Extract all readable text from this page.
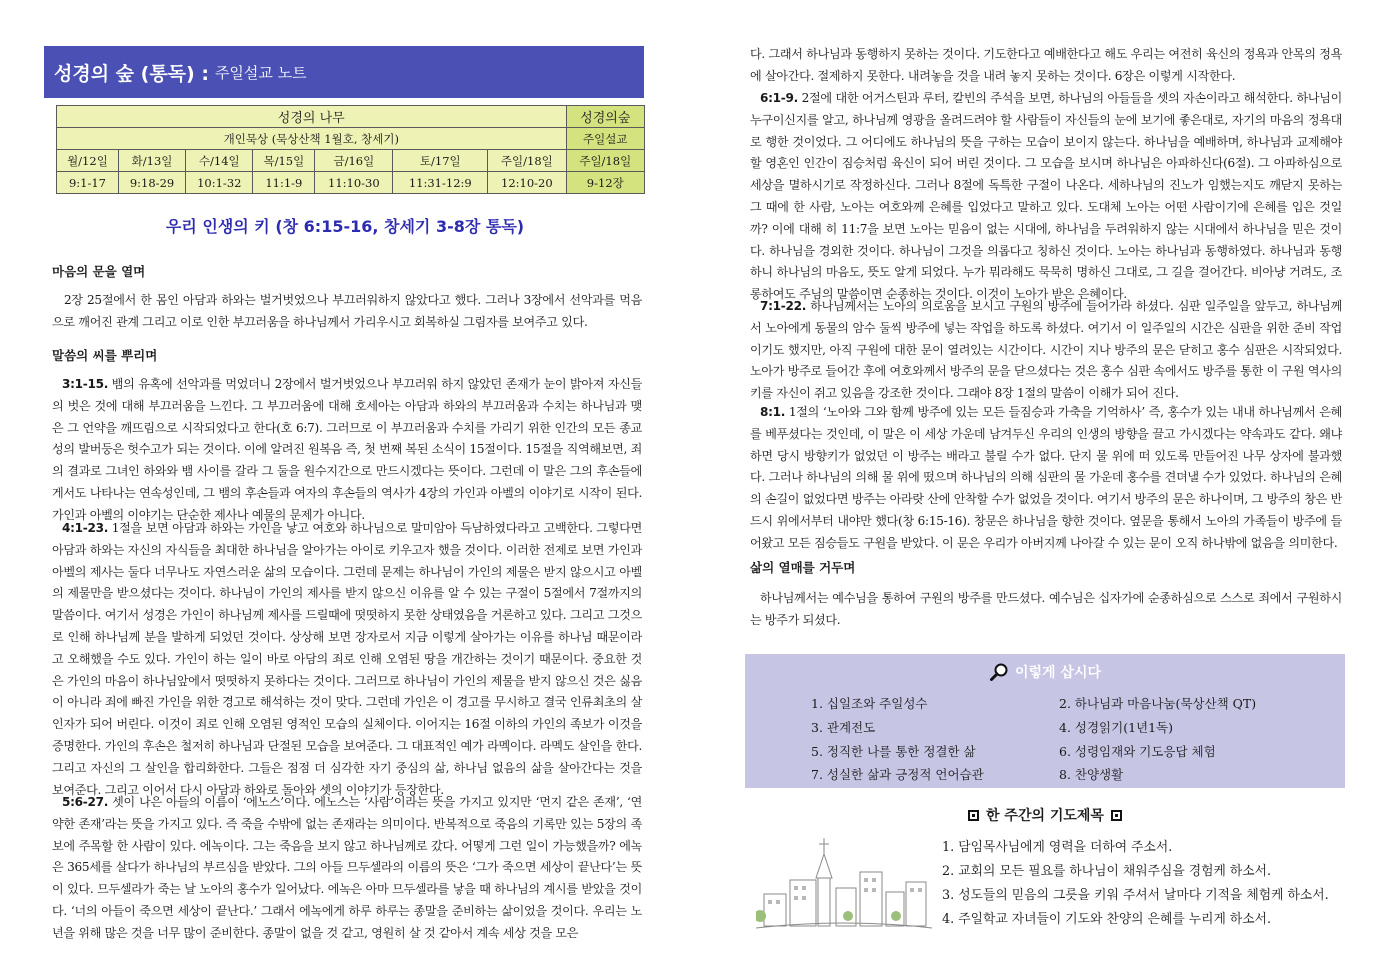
성경의 숲 (통독) : 주일설교 노트
성경의 나무							성경의숲
개인묵상 (묵상산책 1월호, 창세기)							주일설교
월/12일	화/13일	수/14일	목/15일	금/16일	토/17일	주일/18일	주일/18일
9:1-17	9:18-29	10:1-32	11:1-9	11:10-30	11:31-12:9	12:10-20	9-12장
우리 인생의 키 (창 6:15-16, 창세기 3-8장 통독)
마음의 문을 열며
2장 25절에서 한 몸인 아담과 하와는 벌거벗었으나 부끄러워하지 않았다고 했다. 그러나 3장에서 선악과를 먹음으로 깨어진 관계 그리고 이로 인한 부끄러움을 하나님께서 가리우시고 회복하실 그림자를 보여주고 있다.
말씀의 씨를 뿌리며
3:1-15. 뱀의 유혹에 선악과를 먹었더니 2장에서 벌거벗었으나 부끄러워 하지 않았던 존재가 눈이 밝아져 자신들의 벗은 것에 대해 부끄러움을 느낀다. 그 부끄러움에 대해 호세아는 아담과 하와의 부끄러움과 수치는 하나님과 맺은 그 언약을 깨뜨림으로 시작되었다고 한다(호 6:7). 그러므로 이 부끄러움과 수치를 가리기 위한 인간의 모든 종교성의 발버둥은 헛수고가 되는 것이다. 이에 알려진 원복음 즉, 첫 번째 복된 소식이 15절이다. 15절을 직역해보면, 죄의 결과로 그녀인 하와와 뱀 사이를 갈라 그 둘을 원수지간으로 만드시겠다는 뜻이다. 그런데 이 말은 그의 후손들에게서도 나타나는 연속성인데, 그 뱀의 후손들과 여자의 후손들의 역사가 4장의 가인과 아벨의 이야기로 시작이 된다. 가인과 아벨의 이야기는 단순한 제사나 예물의 문제가 아니다.
4:1-23. 1절을 보면 아담과 하와는 가인을 낳고 여호와 하나님으로 말미암아 득남하였다라고 고백한다. 그렇다면 아담과 하와는 자신의 자식들을 최대한 하나님을 알아가는 아이로 키우고자 했을 것이다. 이러한 전제로 보면 가인과 아벨의 제사는 둘다 너무나도 자연스러운 삶의 모습이다. 그런데 문제는 하나님이 가인의 제물은 받지 않으시고 아벨의 제물만을 받으셨다는 것이다. 하나님이 가인의 제사를 받지 않으신 이유를 알 수 있는 구절이 5절에서 7절까지의 말씀이다. 여기서 성경은 가인이 하나님께 제사를 드릴때에 떳떳하지 못한 상태였음을 거론하고 있다. 그리고 그것으로 인해 하나님께 분을 발하게 되었던 것이다. 상상해 보면 장자로서 지금 이렇게 살아가는 이유를 하나님 때문이라고 오해했을 수도 있다. 가인이 하는 일이 바로 아담의 죄로 인해 오염된 땅을 개간하는 것이기 때문이다. 중요한 것은 가인의 마음이 하나님앞에서 떳떳하지 못하다는 것이다. 그러므로 하나님이 가인의 제물을 받지 않으신 것은 싫음이 아니라 죄에 빠진 가인을 위한 경고로 해석하는 것이 맞다. 그런데 가인은 이 경고를 무시하고 결국 인류최초의 살인자가 되어 버린다. 이것이 죄로 인해 오염된 영적인 모습의 실체이다. 이어지는 16절 이하의 가인의 족보가 이것을 증명한다. 가인의 후손은 철저히 하나님과 단절된 모습을 보여준다. 그 대표적인 예가 라멕이다. 라멕도 살인을 한다. 그리고 자신의 그 살인을 합리화한다. 그들은 점점 더 심각한 자기 중심의 삶, 하나님 없음의 삶을 살아간다는 것을 보여준다. 그리고 이어서 다시 아담과 하와로 돌아와 셋의 이야기가 등장한다.
5:6-27. 셋이 나은 아들의 이름이 ‘에노스’이다. 에노스는 ‘사람’이라는 뜻을 가지고 있지만 ‘먼지 같은 존재’, ‘연약한 존재’라는 뜻을 가지고 있다. 즉 죽을 수밖에 없는 존재라는 의미이다. 반복적으로 죽음의 기록만 있는 5장의 족보에 주목할 한 사람이 있다. 에녹이다. 그는 죽음을 보지 않고 하나님께로 갔다. 어떻게 그런 일이 가능했을까? 에녹은 365세를 살다가 하나님의 부르심을 받았다. 그의 아들 므두셀라의 이름의 뜻은 ‘그가 죽으면 세상이 끝난다’는 뜻이 있다. 므두셀라가 죽는 날 노아의 홍수가 일어났다. 에녹은 아마 므두셀라를 낳을 때 하나님의 계시를 받았을 것이다. ‘너의 아들이 죽으면 세상이 끝난다.’ 그래서 에녹에게 하루 하루는 종말을 준비하는 삶이었을 것이다. 우리는 노년을 위해 많은 것을 너무 많이 준비한다. 종말이 없을 것 같고, 영원히 살 것 같아서 계속 세상 것을 모은
다. 그래서 하나님과 동행하지 못하는 것이다. 기도한다고 예배한다고 해도 우리는 여전히 육신의 정욕과 안목의 정욕에 살아간다. 절제하지 못한다. 내려놓을 것을 내려 놓지 못하는 것이다. 6장은 이렇게 시작한다.
6:1-9. 2절에 대한 어거스틴과 루터, 칼빈의 주석을 보면, 하나님의 아들들을 셋의 자손이라고 해석한다. 하나님이 누구이신지를 알고, 하나님께 영광을 올려드려야 할 사람들이 자신들의 눈에 보기에 좋은대로, 자기의 마음의 정욕대로 행한 것이었다. 그 어디에도 하나님의 뜻을 구하는 모습이 보이지 않는다. 하나님을 예배하며, 하나님과 교제해야 할 영혼인 인간이 짐승처럼 육신이 되어 버린 것이다. 그 모습을 보시며 하나님은 아파하신다(6절). 그 아파하심으로 세상을 멸하시기로 작정하신다. 그러나 8절에 독특한 구절이 나온다. 세하나님의 진노가 임했는지도 깨닫지 못하는 그 때에 한 사람, 노아는 여호와께 은혜를 입었다고 말하고 있다. 도대체 노아는 어떤 사람이기에 은혜를 입은 것일까? 이에 대해 히 11:7을 보면 노아는 믿음이 없는 시대에, 하나님을 두려워하지 않는 시대에서 하나님을 믿은 것이다. 하나님을 경외한 것이다. 하나님이 그것을 의롭다고 칭하신 것이다. 노아는 하나님과 동행하였다. 하나님과 동행하니 하나님의 마음도, 뜻도 알게 되었다. 누가 뭐라해도 묵묵히 명하신 그대로, 그 길을 걸어간다. 비아냥 거려도, 조롱하여도 주님의 말씀이면 순종하는 것이다. 이것이 노아가 받은 은혜이다.
7:1-22. 하나님께서는 노아의 의로움을 보시고 구원의 방주에 들어가라 하셨다. 심판 일주일을 앞두고, 하나님께서 노아에게 동물의 암수 둘씩 방주에 넣는 작업을 하도록 하셨다. 여기서 이 일주일의 시간은 심판을 위한 준비 작업이기도 했지만, 아직 구원에 대한 문이 열려있는 시간이다. 시간이 지나 방주의 문은 닫히고 홍수 심판은 시작되었다. 노아가 방주로 들어간 후에 여호와께서 방주의 문을 닫으셨다는 것은 홍수 심판 속에서도 방주를 통한 이 구원 역사의 키를 자신이 쥐고 있음을 강조한 것이다. 그래야 8장 1절의 말씀이 이해가 되어 진다.
8:1. 1절의 ‘노아와 그와 함께 방주에 있는 모든 들짐승과 가축을 기억하사’ 즉, 홍수가 있는 내내 하나님께서 은혜를 베푸셨다는 것인데, 이 말은 이 세상 가운데 남겨두신 우리의 인생의 방향을 끌고 가시겠다는 약속과도 같다. 왜냐하면 당시 방향키가 없었던 이 방주는 배라고 불릴 수가 없다. 단지 물 위에 떠 있도록 만들어진 나무 상자에 불과했다. 그러나 하나님의 의해 물 위에 떴으며 하나님의 의해 심판의 물 가운데 홍수를 견뎌낼 수가 있었다. 하나님의 은혜의 손길이 없었다면 방주는 아라랏 산에 안착할 수가 없었을 것이다. 여기서 방주의 문은 하나이며, 그 방주의 창은 반드시 위에서부터 내야만 했다(창 6:15-16). 창문은 하나님을 향한 것이다. 옆문을 통해서 노아의 가족들이 방주에 들어왔고 모든 짐승들도 구원을 받았다. 이 문은 우리가 아버지께 나아갈 수 있는 문이 오직 하나밖에 없음을 의미한다.
삶의 열매를 거두며
하나님께서는 예수님을 통하여 구원의 방주를 만드셨다. 예수님은 십자가에 순종하심으로 스스로 죄에서 구원하시는 방주가 되셨다.
이렇게 삽시다
1. 십일조와 주일성수	2. 하나님과 마음나눔(묵상산책 QT)
3. 관계전도	4. 성경읽기(1년1독)
5. 정직한 나를 통한 정결한 삶	6. 성령임재와 기도응답 체험
7. 성실한 삶과 긍정적 언어습관	8. 찬양생활
한 주간의 기도제목
1. 담임목사님에게 영력을 더하여 주소서.
2. 교회의 모든 필요를 하나님이 채워주심을 경험케 하소서.
3. 성도들의 믿음의 그릇을 키워 주셔서 날마다 기적을 체험케 하소서.
4. 주일학교 자녀들이 기도와 찬양의 은혜를 누리게 하소서.
